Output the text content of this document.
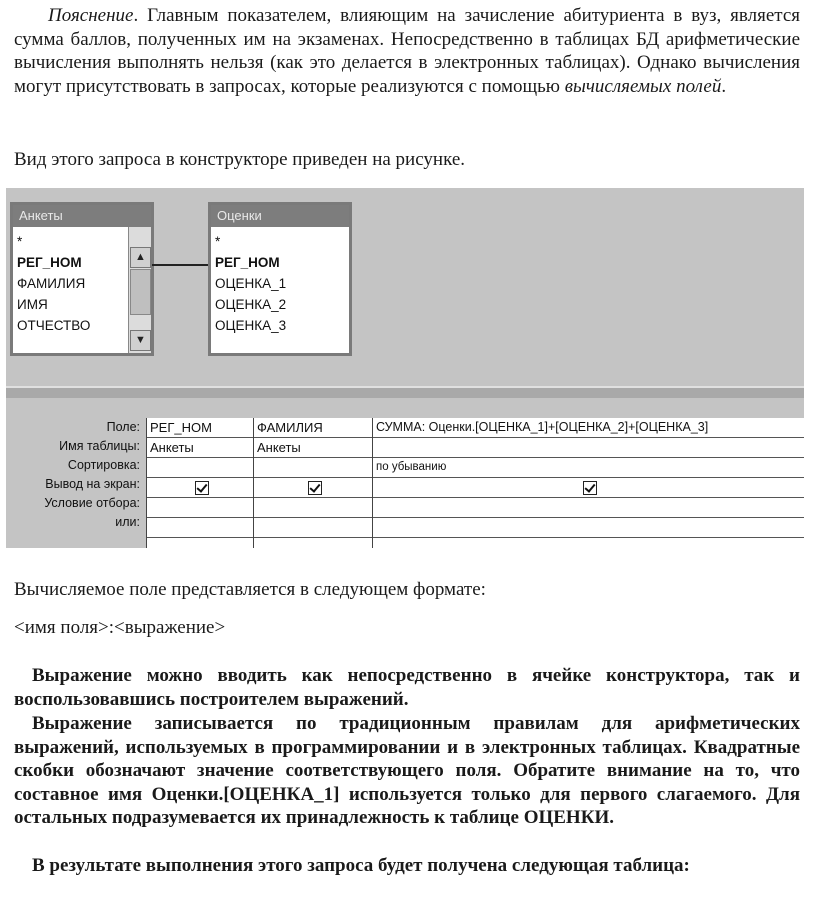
Пояснение. Главным показателем, влияющим на зачисление абитуриента в вуз, является сумма баллов, полученных им на экзаменах. Непосредственно в таблицах БД арифметические вычисления выполнять нельзя (как это делается в электронных таблицах). Однако вычисления могут присутствовать в запросах, которые реализуются с помощью вычисляемых полей.

Вид этого запроса в конструкторе приведен на рисунке.

Анкеты
*
РЕГ_НОМ
ФАМИЛИЯ
ИМЯ
ОТЧЕСТВО
▲
▼
Оценки
*
РЕГ_НОМ
ОЦЕНКА_1
ОЦЕНКА_2
ОЦЕНКА_3
Поле:
Имя таблицы:
Сортировка:
Вывод на экран:
Условие отбора:
или:
РЕГ_НОМ
Анкеты
ФАМИЛИЯ
Анкеты
СУММА: Оценки.[ОЦЕНКА_1]+[ОЦЕНКА_2]+[ОЦЕНКА_3]
по убыванию

Вычисляемое поле представляется в следующем формате:

<имя поля>:<выражение>

Выражение можно вводить как непосредственно в ячейке конструктора, так и воспользовавшись построителем выражений.

Выражение записывается по традиционным правилам для арифметических выражений, используемых в программировании и в электронных таблицах. Квадратные скобки обозначают значение соответствующего поля. Обратите внимание на то, что составное имя Оценки.[ОЦЕНКА_1] используется только для первого слагаемого. Для остальных подразумевается их принадлежность к таблице ОЦЕНКИ.

В результате выполнения этого запроса будет получена следующая таблица:
